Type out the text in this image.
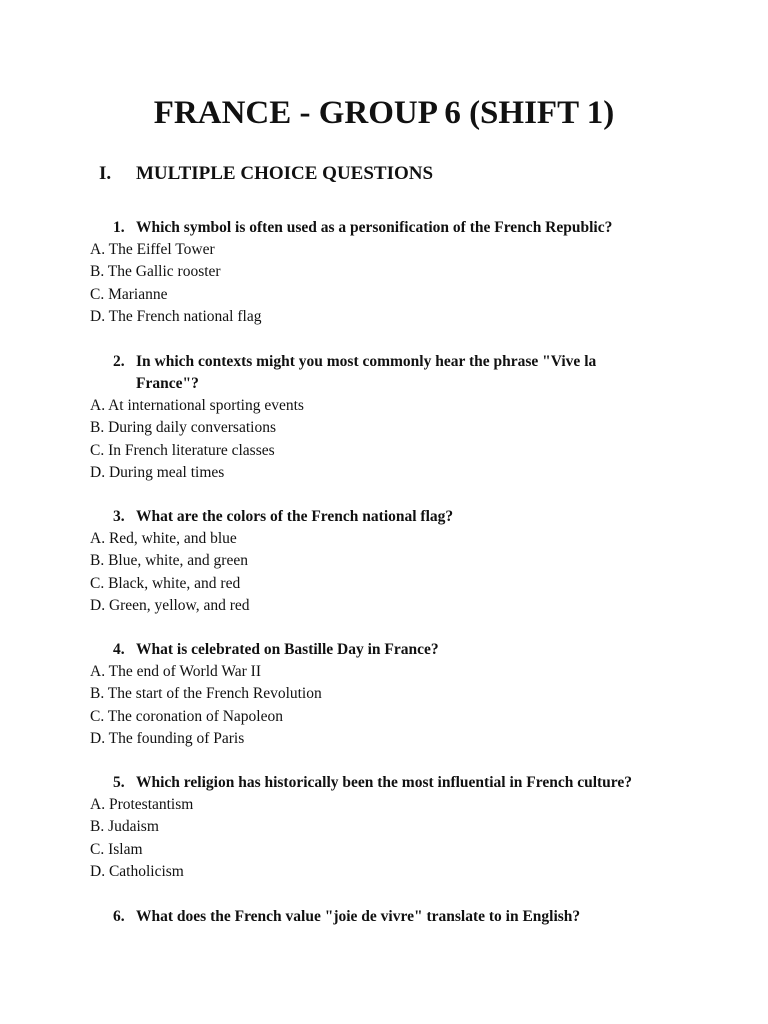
FRANCE - GROUP 6 (SHIFT 1)
I. MULTIPLE CHOICE QUESTIONS
1. Which symbol is often used as a personification of the French Republic?
A. The Eiffel Tower
B. The Gallic rooster
C. Marianne
D. The French national flag
2. In which contexts might you most commonly hear the phrase "Vive la France"?
A. At international sporting events
B. During daily conversations
C. In French literature classes
D. During meal times
3. What are the colors of the French national flag?
A. Red, white, and blue
B. Blue, white, and green
C. Black, white, and red
D. Green, yellow, and red
4. What is celebrated on Bastille Day in France?
A. The end of World War II
B. The start of the French Revolution
C. The coronation of Napoleon
D. The founding of Paris
5. Which religion has historically been the most influential in French culture?
A. Protestantism
B. Judaism
C. Islam
D. Catholicism
6. What does the French value "joie de vivre" translate to in English?
